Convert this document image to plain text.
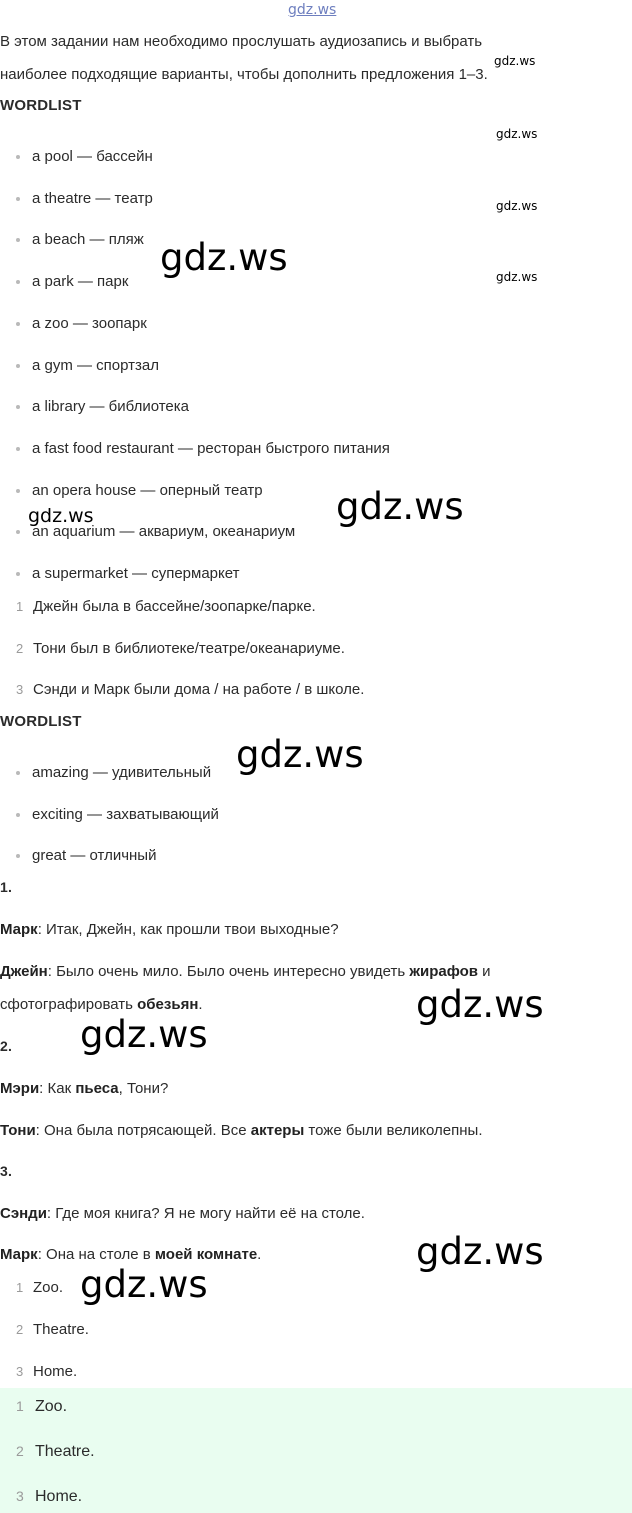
gdz.ws
gdz.ws
gdz.ws
gdz.ws
gdz.ws
gdz.ws
В этом задании нам необходимо прослушать аудиозапись и выбрать
наиболее подходящие варианты, чтобы дополнить предложения 1–3.
WORDLIST
a pool — бассейн
a theatre — театр
a beach — пляж
a park — парк
a zoo — зоопарк
a gym — спортзал
a library — библиотека
a fast food restaurant — ресторан быстрого питания
an opera house — оперный театр
an aquarium — аквариум, океанариум
a supermarket — супермаркет
1 Джейн была в бассейне/зоопарке/парке.
2 Тони был в библиотеке/театре/океанариуме.
3 Сэнди и Марк были дома / на работе / в школе.
WORDLIST
amazing — удивительный
exciting — захватывающий
great — отличный
1.
Марк: Итак, Джейн, как прошли твои выходные?
Джейн: Было очень мило. Было очень интересно увидеть жирафов и
сфотографировать обезьян.
2.
Мэри: Как пьеса, Тони?
Тони: Она была потрясающей. Все актеры тоже были великолепны.
3.
Сэнди: Где моя книга? Я не могу найти её на столе.
Марк: Она на столе в моей комнате.
1 Zoo.
2 Theatre.
3 Home.
1 Zoo.
2 Theatre.
3 Home.
gdz.ws
gdz.ws
gdz.ws
gdz.ws
gdz.ws
gdz.ws
gdz.ws
